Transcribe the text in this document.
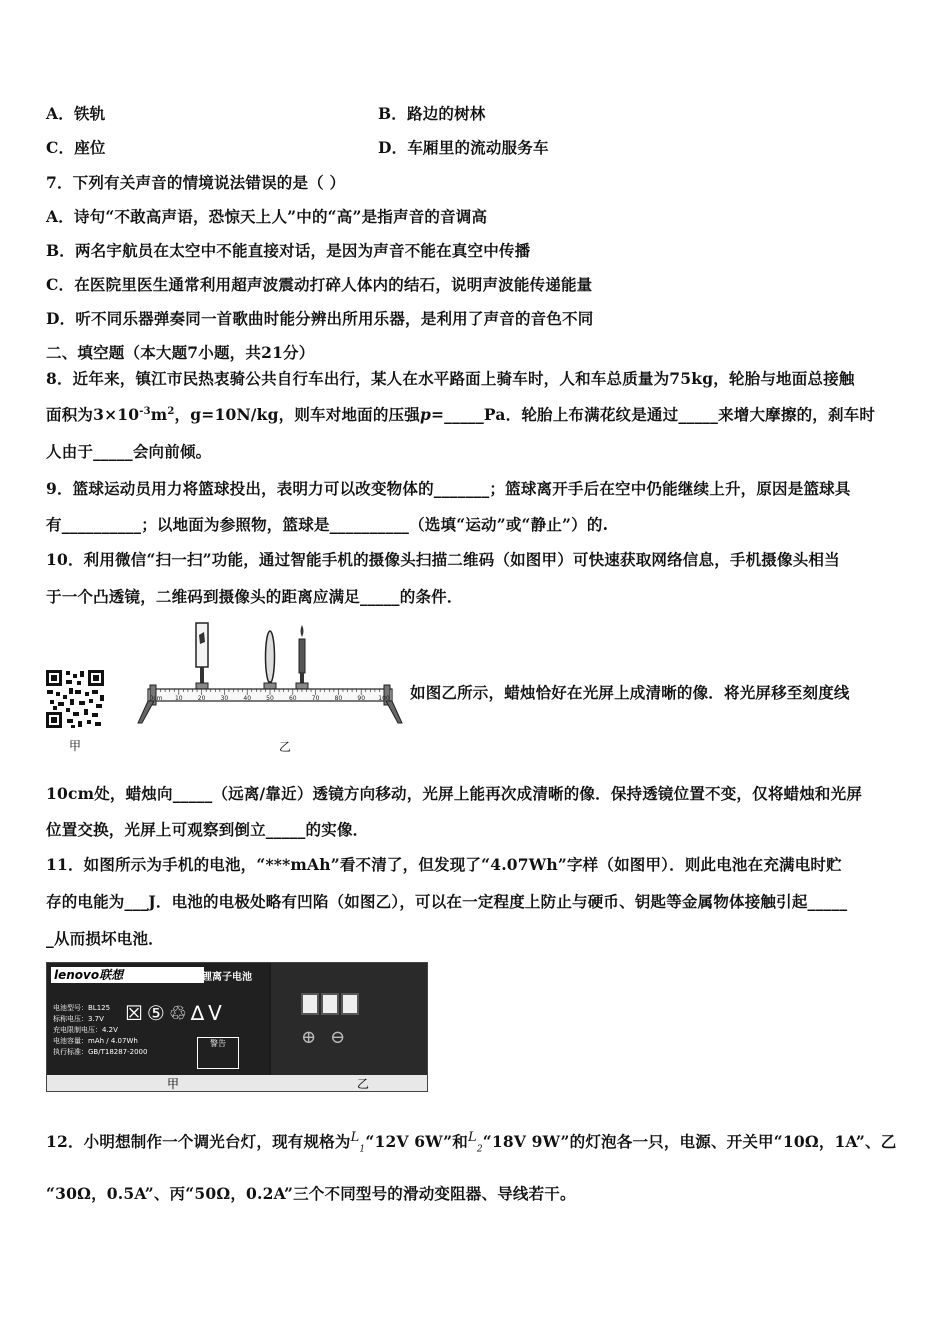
A．铁轨	B．路边的树林
C．座位	D．车厢里的流动服务车
7．下列有关声音的情境说法错误的是（ ）
A．诗句“不敢高声语，恐惊天上人”中的“高”是指声音的音调高
B．两名宇航员在太空中不能直接对话，是因为声音不能在真空中传播
C．在医院里医生通常利用超声波震动打碎人体内的结石，说明声波能传递能量
D．听不同乐器弹奏同一首歌曲时能分辨出所用乐器，是利用了声音的音色不同
二、填空题（本大题7小题，共21分）
8．近年来，镇江市民热衷骑公共自行车出行，某人在水平路面上骑车时，人和车总质量为75kg，轮胎与地面总接触
面积为$3\times 10^{-3}m^2$，g=10N/kg，则车对地面的压强p=_____Pa．轮胎上布满花纹是通过_____来增大摩擦的，刹车时
人由于_____会向前倾。
9．篮球运动员用力将篮球投出，表明力可以改变物体的_______；篮球离开手后在空中仍能继续上升，原因是篮球具
有__________；以地面为参照物，篮球是__________（选填“运动”或“静止”）的.
10．利用微信“扫一扫”功能，通过智能手机的摄像头扫描二维码（如图甲）可快速获取网络信息，手机摄像头相当
于一个凸透镜，二维码到摄像头的距离应满足_____的条件．
甲
0cm 10	20	30	40	50	60	70	80	90 100
乙
如图乙所示，蜡烛恰好在光屏上成清晰的像．将光屏移至刻度线
10cm处，蜡烛向_____（远离/靠近）透镜方向移动，光屏上能再次成清晰的像．保持透镜位置不变，仅将蜡烛和光屏
位置交换，光屏上可观察到倒立_____的实像．
11．如图所示为手机的电池，“***mAh”看不清了，但发现了“4.07Wh”字样（如图甲）．则此电池在充满电时贮
存的电能为___J．电池的电极处略有凹陷（如图乙），可以在一定程度上防止与硬币、钥匙等金属物体接触引起_____
_从而损坏电池．
lenovo联想	锂离子电池
电池型号：BL125
标称电压：3.7V
充电限制电压：4.2V
电池容量：mAh / 4.07Wh
执行标准：GB/T18287-2000
☒⑤♲∆V
警告	⊕⊖
甲	乙
12．小明想制作一个调光台灯，现有规格为$^L_1$“12V 6W”和$^L_2$“18V 9W”的灯泡各一只，电源、开关甲“10Ω，1A”、乙
“30Ω，0.5A”、丙“50Ω，0.2A”三个不同型号的滑动变阻器、导线若干。
